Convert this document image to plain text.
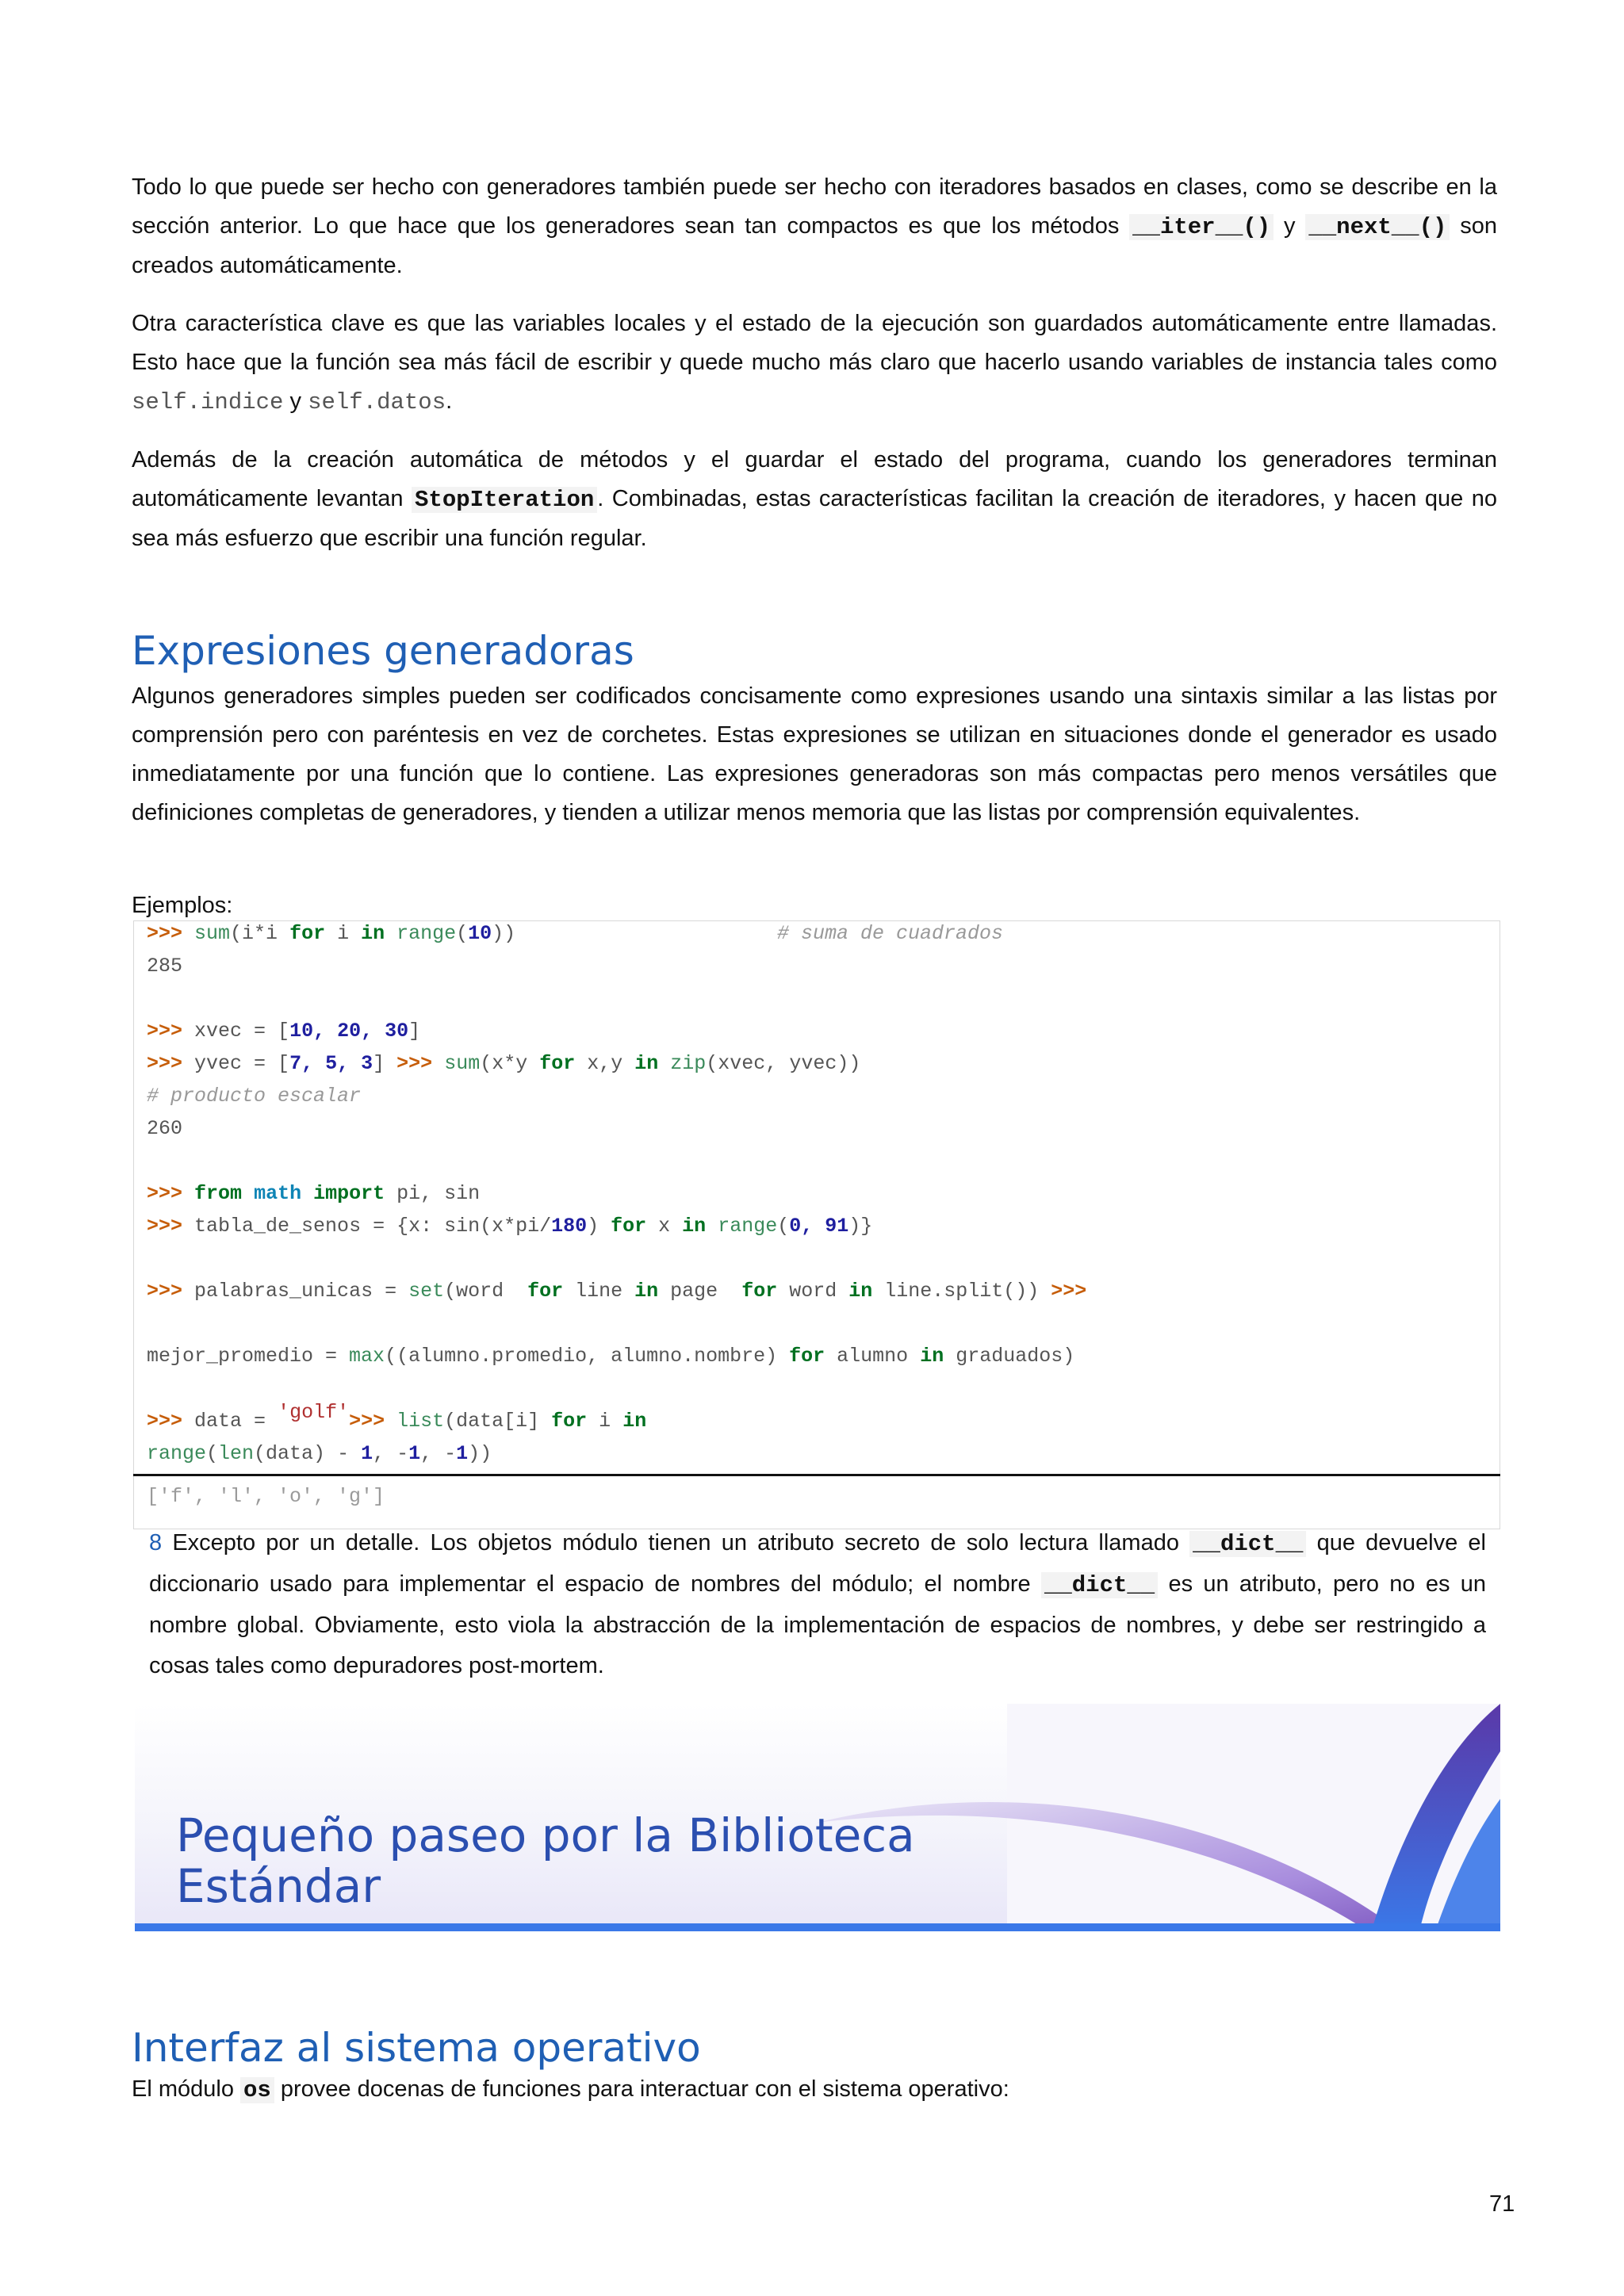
Todo lo que puede ser hecho con generadores también puede ser hecho con iteradores basados en clases, como se describe en la sección anterior. Lo que hace que los generadores sean tan compactos es que los métodos __iter__() y __next__() son creados automáticamente.

Otra característica clave es que las variables locales y el estado de la ejecución son guardados automáticamente entre llamadas. Esto hace que la función sea más fácil de escribir y quede mucho más claro que hacerlo usando variables de instancia tales como self.indice y self.datos.

Además de la creación automática de métodos y el guardar el estado del programa, cuando los generadores terminan automáticamente levantan StopIteration . Combinadas, estas características facilitan la creación de iteradores, y hacen que no sea más esfuerzo que escribir una función regular.

Expresiones generadoras

Algunos generadores simples pueden ser codificados concisamente como expresiones usando una sintaxis similar a las listas por comprensión pero con paréntesis en vez de corchetes. Estas expresiones se utilizan en situaciones donde el generador es usado inmediatamente por una función que lo contiene. Las expresiones generadoras son más compactas pero menos versátiles que definiciones completas de generadores, y tienden a utilizar menos memoria que las listas por comprensión equivalentes.

Ejemplos:

>>> sum(i*i for i in range(10))	# suma de cuadrados
285
>>> xvec = [10, 20, 30]
>>> yvec = [7, 5, 3] >>> sum(x*y for x,y in zip(xvec, yvec))
# producto escalar
260
>>> from math import pi, sin
>>> tabla_de_senos = {x: sin(x*pi/180) for x in range(0, 91)}
>>> palabras_unicas = set(word  for line in page  for word in line.split()) >>>
mejor_promedio = max((alumno.promedio, alumno.nombre) for alumno in graduados)
>>> data = 'golf'>>> list(data[i] for i in
range(len(data) - 1, -1, -1))
['f', 'l', 'o', 'g']

8 Excepto por un detalle. Los objetos módulo tienen un atributo secreto de solo lectura llamado __dict__ que devuelve el diccionario usado para implementar el espacio de nombres del módulo; el nombre __dict__ es un atributo, pero no es un nombre global. Obviamente, esto viola la abstracción de la implementación de espacios de nombres, y debe ser restringido a cosas tales como depuradores post-mortem.

Pequeño paseo por la Biblioteca
Estándar
Interfaz al sistema operativo

El módulo os provee docenas de funciones para interactuar con el sistema operativo:

71
